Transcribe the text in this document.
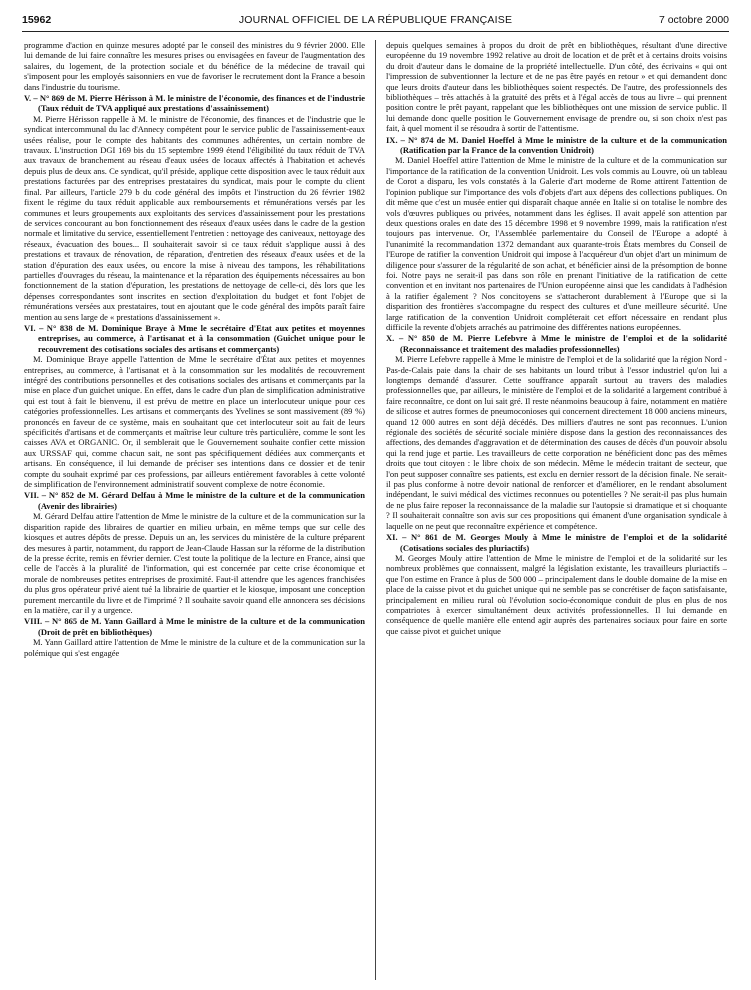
15962	JOURNAL OFFICIEL DE LA RÉPUBLIQUE FRANÇAISE	7 octobre 2000

programme d'action en quinze mesures adopté par le conseil des ministres du 9 février 2000. Elle lui demande de lui faire connaître les mesures prises ou envisagées en faveur de l'augmentation des salaires, du logement, de la protection sociale et du bénéfice de la médecine de travail qui s'imposent pour les employés saisonniers en vue de favoriser le recrutement dont la France a besoin dans l'industrie du tourisme.

V. – N° 869 de M. Pierre Hérisson à M. le ministre de l'économie, des finances et de l'industrie (Taux réduit de TVA appliqué aux prestations d'assainissement)

M. Pierre Hérisson rappelle à M. le ministre de l'économie, des finances et de l'industrie que le syndicat intercommunal du lac d'Annecy compétent pour le service public de l'assainissement-eaux usées réalise, pour le compte des habitants des communes adhérentes, un certain nombre de travaux. L'instruction DGI 169 bis du 15 septembre 1999 étend l'éligibilité du taux réduit de TVA aux travaux de branchement au réseau d'eaux usées de locaux affectés à l'habitation et achevés depuis plus de deux ans. Ce syndicat, qu'il préside, applique cette disposition avec le taux réduit aux prestations facturées par des entreprises prestataires du syndicat, mais pour le compte du client final. Par ailleurs, l'article 279 b du code général des impôts et l'instruction du 26 février 1982 fixent le régime du taux réduit applicable aux remboursements et rémunérations versés par les communes et leurs groupements aux exploitants des services d'assainissement pour les prestations de services concourant au bon fonctionnement des réseaux d'eaux usées dans le cadre de la gestion normale et limitative du service, essentiellement l'entretien : nettoyage des caniveaux, nettoyage des réseaux, évacuation des boues... Il souhaiterait savoir si ce taux réduit s'applique aussi à des prestations et travaux de rénovation, de réparation, d'entretien des réseaux d'eaux usées et de la station d'épuration des eaux usées, ou encore la mise à niveau des tampons, les réhabilitations partielles d'ouvrages du réseau, la maintenance et la réparation des équipements nécessaires au bon fonctionnement de la station d'épuration, les prestations de nettoyage de celle-ci, dès lors que les dépenses correspondantes sont inscrites en section d'exploitation du budget et font l'objet de rémunérations versées aux prestataires, tout en ajoutant que le code général des impôts paraît faire mention au sens large de « prestations d'assainissement ».

VI. – N° 838 de M. Dominique Braye à Mme le secrétaire d'Etat aux petites et moyennes entreprises, au commerce, à l'artisanat et à la consommation (Guichet unique pour le recouvrement des cotisations sociales des artisans et commerçants)

M. Dominique Braye appelle l'attention de Mme le secrétaire d'État aux petites et moyennes entreprises, au commerce, à l'artisanat et à la consommation sur les modalités de recouvrement intégré des contributions personnelles et des cotisations sociales des artisans et commerçants par la mise en place d'un guichet unique. En effet, dans le cadre d'un plan de simplification administrative qui est tout à fait le bienvenu, il est prévu de mettre en place un interlocuteur unique pour ces catégories professionnelles. Les artisans et commerçants des Yvelines se sont massivement (89 %) prononcés en faveur de ce système, mais en souhaitant que cet interlocuteur soit au fait de leurs spécificités d'artisans et de commerçants et maîtrise leur culture très particulière, comme le sont les caisses AVA et ORGANIC. Or, il semblerait que le Gouvernement souhaite confier cette mission aux URSSAF qui, comme chacun sait, ne sont pas spécifiquement dédiées aux commerçants et artisans. En conséquence, il lui demande de préciser ses intentions dans ce dossier et de tenir compte du souhait exprimé par ces professions, par ailleurs entièrement favorables à cette volonté de simplification de l'environnement administratif souvent complexe de notre économie.

VII. – N° 852 de M. Gérard Delfau à Mme le ministre de la culture et de la communication (Avenir des librairies)

M. Gérard Delfau attire l'attention de Mme le ministre de la culture et de la communication sur la disparition rapide des libraires de quartier en milieu urbain, en même temps que sur celle des kiosques et autres dépôts de presse. Depuis un an, les services du ministère de la culture préparent des mesures à partir, notamment, du rapport de Jean-Claude Hassan sur la réforme de la distribution de la presse écrite, remis en février dernier. C'est toute la politique de la lecture en France, ainsi que celle de l'accès à la pluralité de l'information, qui est concernée par cette crise économique et morale de nombreuses petites entreprises de proximité. Faut-il attendre que les agences franchisées du plus gros opérateur privé aient tué la librairie de quartier et le kiosque, imposant une conception purement mercantile du livre et de l'imprimé ? Il souhaite savoir quand elle annoncera ses décisions en la matière, car il y a urgence.

VIII. – N° 865 de M. Yann Gaillard à Mme le ministre de la culture et de la communication (Droit de prêt en bibliothèques)

M. Yann Gaillard attire l'attention de Mme le ministre de la culture et de la communication sur la polémique qui s'est engagée

depuis quelques semaines à propos du droit de prêt en bibliothèques, résultant d'une directive européenne du 19 novembre 1992 relative au droit de location et de prêt et à certains droits voisins du droit d'auteur dans le domaine de la propriété intellectuelle. D'un côté, des écrivains « qui ont l'impression de subventionner la lecture et de ne pas être payés en retour » et qui demandent donc que leurs droits d'auteur dans les bibliothèques soient respectés. De l'autre, des professionnels des bibliothèques – très attachés à la gratuité des prêts et à l'égal accès de tous au livre – qui prennent position contre le prêt payant, rappelant que les bibliothèques ont une mission de service public. Il lui demande donc quelle position le Gouvernement envisage de prendre ou, si son choix n'est pas fait, à quel moment il se résoudra à sortir de l'attentisme.

IX. – N° 874 de M. Daniel Hoeffel à Mme le ministre de la culture et de la communication (Ratification par la France de la convention Unidroit)

M. Daniel Hoeffel attire l'attention de Mme le ministre de la culture et de la communication sur l'importance de la ratification de la convention Unidroit. Les vols commis au Louvre, où un tableau de Corot a disparu, les vols constatés à la Galerie d'art moderne de Rome attirent l'attention de l'opinion publique sur l'importance des vols d'objets d'art aux dépens des collections publiques. On dit même que c'est un musée entier qui disparaît chaque année en Italie si on totalise le nombre des vols d'œuvres publiques ou privées, notamment dans les églises. Il avait appelé son attention par deux questions orales en date des 15 décembre 1998 et 9 novembre 1999, mais la ratification n'est toujours pas intervenue. Or, l'Assemblée parlementaire du Conseil de l'Europe a adopté à l'unanimité la recommandation 1372 demandant aux quarante-trois États membres du Conseil de l'Europe de ratifier la convention Unidroit qui impose à l'acquéreur d'un objet d'art un minimum de diligence pour s'assurer de la régularité de son achat, et bénéficier ainsi de la présomption de bonne foi. Notre pays ne serait-il pas dans son rôle en prenant l'initiative de la ratification de cette convention et en invitant nos partenaires de l'Union européenne ainsi que les candidats à l'adhésion à la ratifier également ? Nos concitoyens se s'attacheront durablement à l'Europe que si la disparition des frontières s'accompagne du respect des cultures et d'une meilleure sécurité. Une large ratification de la convention Unidroit compléterait cet effort nécessaire en rendant plus difficile la revente d'objets arrachés au patrimoine des différentes nations européennes.

X. – N° 850 de M. Pierre Lefebvre à Mme le ministre de l'emploi et de la solidarité (Reconnaissance et traitement des maladies professionnelles)

M. Pierre Lefebvre rappelle à Mme le ministre de l'emploi et de la solidarité que la région Nord - Pas-de-Calais paie dans la chair de ses habitants un lourd tribut à l'essor industriel qu'on lui a longtemps demandé d'assurer. Cette souffrance apparaît surtout au travers des maladies professionnelles que, par ailleurs, le ministère de l'emploi et de la solidarité a largement contribué à faire reconnaître, ce dont on lui sait gré. Il reste néanmoins beaucoup à faire, notamment en matière de silicose et autres formes de pneumoconioses qui concernent directement 18 000 anciens mineurs, quand 12 000 autres en sont déjà décédés. Des milliers d'autres ne sont pas reconnues. L'union régionale des sociétés de sécurité sociale minière dispose dans la gestion des reconnaissances des affections, des demandes d'aggravation et de détermination des causes de décès d'un pouvoir absolu qui la rend juge et partie. Les travailleurs de cette corporation ne bénéficient donc pas des mêmes droits que tout citoyen : le libre choix de son médecin. Même le médecin traitant de secteur, que l'on peut supposer connaître ses patients, est exclu en dernier ressort de la décision finale. Ne serait-il pas plus conforme à notre devoir national de renforcer et d'améliorer, en le rendant absolument indépendant, le suivi médical des victimes reconnues ou potentielles ? Ne serait-il pas plus humain de ne plus faire reposer la reconnaissance de la maladie sur l'autopsie si dramatique et si choquante ? Il souhaiterait connaître son avis sur ces propositions qui émanent d'une organisation syndicale à laquelle on ne peut que reconnaître expérience et compétence.

XI. – N° 861 de M. Georges Mouly à Mme le ministre de l'emploi et de la solidarité (Cotisations sociales des pluriactifs)

M. Georges Mouly attire l'attention de Mme le ministre de l'emploi et de la solidarité sur les nombreux problèmes que connaissent, malgré la législation existante, les travailleurs pluriactifs – que l'on estime en France à plus de 500 000 – principalement dans le double domaine de la mise en place de la caisse pivot et du guichet unique qui ne semble pas se concrétiser de façon satisfaisante, principalement en milieu rural où l'évolution socio-économique conduit de plus en plus de nos compatriotes à exercer simultanément deux activités professionnelles. Il lui demande en conséquence de quelle manière elle entend agir auprès des partenaires sociaux pour faire en sorte que caisse pivot et guichet unique
